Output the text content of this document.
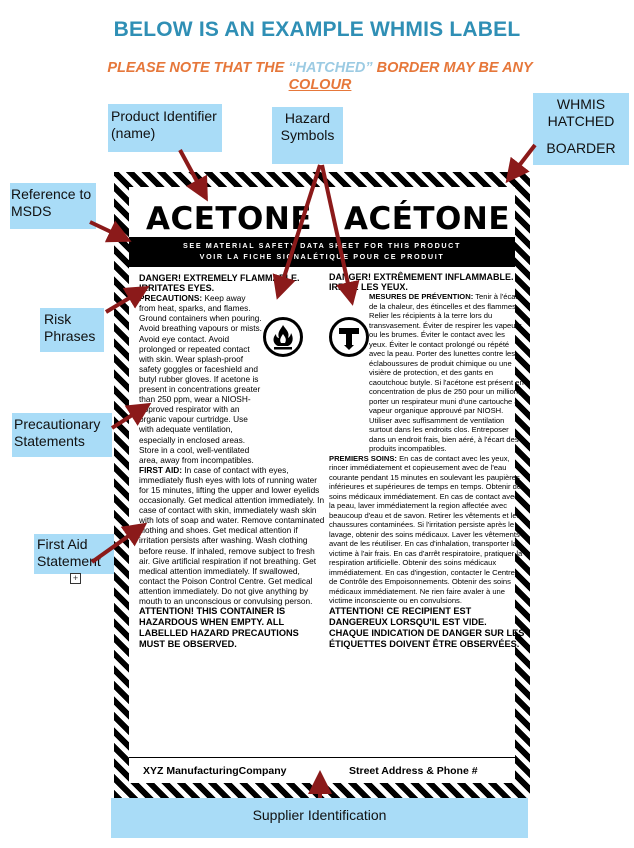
BELOW IS AN EXAMPLE WHMIS LABEL
PLEASE NOTE THAT THE “HATCHED” BORDER MAY BE ANY COLOUR
Product Identifier (name)
Hazard Symbols
WHMIS
HATCHED
BOARDER
Reference to MSDS
Risk Phrases
Precautionary Statements
First Aid Statement
+
ACETONE	ACÉTONE
SEE MATERIAL SAFETY DATA SHEET FOR THIS PRODUCT
VOIR LA FICHE SIGNALÉTIQUE POUR CE PRODUIT

DANGER! EXTREMELY FLAMMABLE. IRRITATES EYES.

PRECAUTIONS: Keep away from heat, sparks, and flames. Ground containers when pouring. Avoid breathing vapours or mists. Avoid eye contact. Avoid prolonged or repeated contact with skin. Wear splash-proof safety goggles or faceshield and butyl rubber gloves. If acetone is present in concentrations greater than 250 ppm, wear a NIOSH-approved respirator with an organic vapour curtridge. Use with adequate ventilation, especially in enclosed areas. Store in a cool, well-ventilated area, away from incompatibles.

FIRST AID: In case of contact with eyes, immediately flush eyes with lots of running water for 15 minutes, lifting the upper and lower eyelids occasionally. Get medical attention immediately. In case of contact with skin, immediately wash skin with lots of soap and water. Remove contaminated clothing and shoes. Get medical attention if irritation persists after washing. Wash clothing before reuse. If inhaled, remove subject to fresh air. Give artificial respiration if not breathing. Get medical attention immediately. If swallowed, contact the Poison Control Centre. Get medical attention immediately. Do not give anything by mouth to an unconscious or convulsing person.

ATTENTION! THIS CONTAINER IS HAZARDOUS WHEN EMPTY. ALL LABELLED HAZARD PRECAUTIONS MUST BE OBSERVED.

DANGER! EXTRÊMEMENT INFLAMMABLE. IRRITE LES YEUX.

MESURES DE PRÉVENTION: Tenir à l'écart de la chaleur, des étincelles et des flammes. Relier les récipients à la terre lors du transvasement. Éviter de respirer les vapeurs ou les brumes. Éviter le contact avec les yeux. Éviter le contact prolongé ou répété avec la peau. Porter des lunettes contre les éclaboussures de produit chimique ou une visière de protection, et des gants en caoutchouc butyle. Si l'acétone est présent en concentration de plus de 250 pour un million, porter un respirateur muni d'une cartouche à vapeur organique approuvé par NIOSH. Utiliser avec suffisamment de ventilation surtout dans les endroits clos. Entreposer dans un endroit frais, bien aéré, à l'écart des produits incompatibles.

PREMIERS SOINS: En cas de contact avec les yeux, rincer immédiatement et copieusement avec de l'eau courante pendant 15 minutes en soulevant les paupières inférieures et supérieures de temps en temps. Obtenir des soins médicaux immédiatement. En cas de contact avec la peau, laver immédiatement la region affectée avec beaucoup d'eau et de savon. Retirer les vêtements et les chaussures contaminées. Si l'irritation persiste après le lavage, obtenir des soins médicaux. Laver les vêtements avant de les réutiliser. En cas d'inhalation, transporter la victime à l'air frais. En cas d'arrêt respiratoire, pratiquer la respiration artificielle. Obtenir des soins médicaux immédiatement. En cas d'ingestion, contacter le Centre de Contrôle des Empoisonnements. Obtenir des soins médicaux immédiatement. Ne rien faire avaler à une victime inconsciente ou en convulsions.

ATTENTION! CE RECIPIENT EST DANGEREUX LORSQU'IL EST VIDE. CHAQUE INDICATION DE DANGER SUR LES ÉTIQUETTES DOIVENT ÊTRE OBSERVÉES.

XYZ ManufacturingCompany	Street Address & Phone #
Supplier Identification
